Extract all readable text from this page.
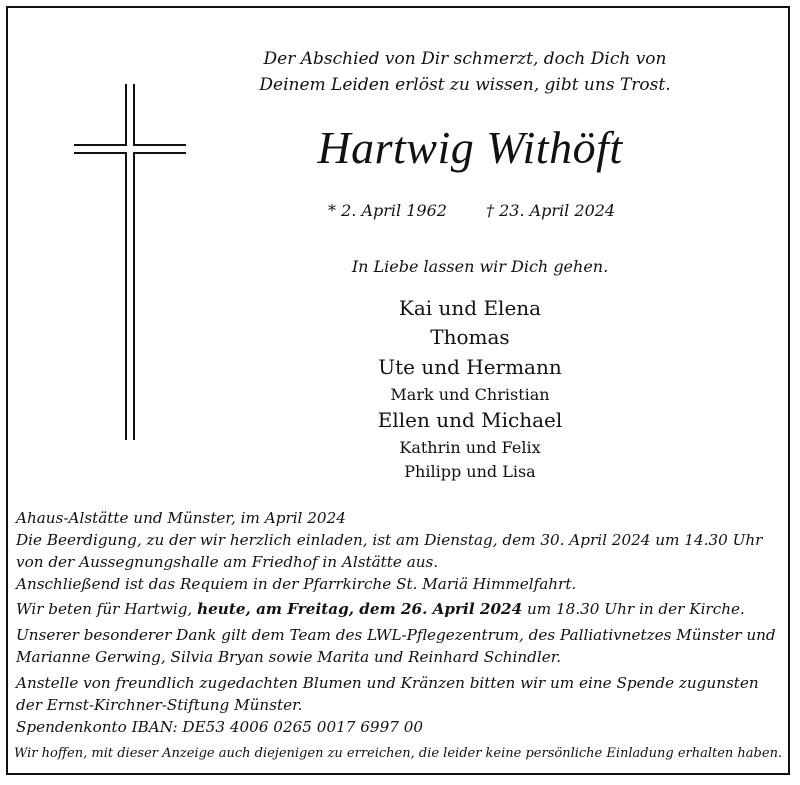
Der Abschied von Dir schmerzt, doch Dich von
Deinem Leiden erlöst zu wissen, gibt uns Trost.
Hartwig Withöft
* 2. April 1962 † 23. April 2024
In Liebe lassen wir Dich gehen.
Kai und Elena
Thomas
Ute und Hermann
Mark und Christian
Ellen und Michael
Kathrin und Felix
Philipp und Lisa
Ahaus-Alstätte und Münster, im April 2024
Die Beerdigung, zu der wir herzlich einladen, ist am Dienstag, dem 30. April 2024 um 14.30 Uhr
von der Aussegnungshalle am Friedhof in Alstätte aus.
Anschließend ist das Requiem in der Pfarrkirche St. Mariä Himmelfahrt.
Wir beten für Hartwig, heute, am Freitag, dem 26. April 2024 um 18.30 Uhr in der Kirche.
Unserer besonderer Dank gilt dem Team des LWL-Pflegezentrum, des Palliativnetzes Münster und
Marianne Gerwing, Silvia Bryan sowie Marita und Reinhard Schindler.
Anstelle von freundlich zugedachten Blumen und Kränzen bitten wir um eine Spende zugunsten
der Ernst-Kirchner-Stiftung Münster.
Spendenkonto IBAN: DE53 4006 0265 0017 6997 00
Wir hoffen, mit dieser Anzeige auch diejenigen zu erreichen, die leider keine persönliche Einladung erhalten haben.
